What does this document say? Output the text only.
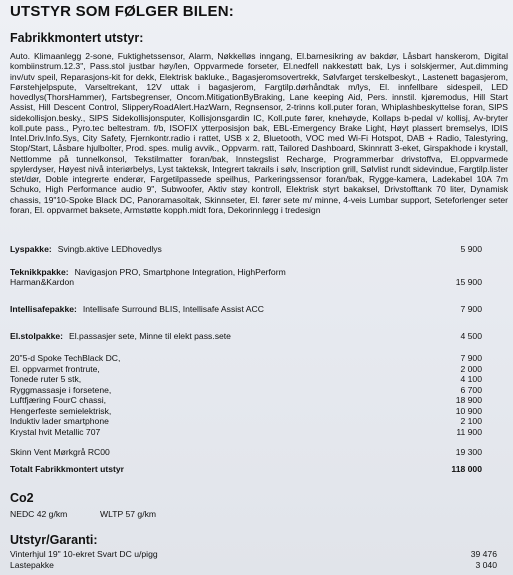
UTSTYR SOM FØLGER BILEN:
Fabrikkmontert utstyr:
Auto. Klimaanlegg 2-sone, Fuktighetssensor, Alarm, Nøkkelløs inngang, El.barnesikring av bakdør, Låsbart hanskerom, Digital kombiinstrum.12.3", Pass.stol justbar høy/len, Oppvarmede forseter, El.nedfell nakkestøtt bak, Lys i solskjermer, Aut.dimming inv/utv speil, Reparasjons-kit for dekk, Elektrisk bakluke., Bagasjeromsovertrekk, Sølvfarget terskelbeskyt., Lastenett bagasjerom, Førstehjelpspute, Varseltrekant, 12V uttak i bagasjerom, Fargtilp.dørhåndtak m/lys, El. innfellbare sidespeil, LED hovedlys(ThorsHammer), Fartsbegrenser, Oncom.MitigationByBraking, Lane keeping Aid, Pers. innstil. kjøremodus, Hill Start Assist, Hill Descent Control, SlipperyRoadAlert.HazWarn, Regnsensor, 2-trinns koll.puter foran, Whiplashbeskyttelse foran, SIPS sidekollisjon.besky., SIPS Sidekollisjonsputer, Kollisjonsgardin IC, Koll.pute fører, knehøyde, Kollaps b-pedal v/ kollisj, Av-bryter koll.pute pass., Pyro.tec beltestram. f/b, ISOFIX ytterposisjon bak, EBL-Emergency Brake Light, Høyt plassert bremselys, IDIS Intel.Driv.Info.Sys, City Safety, Fjernkontr.radio i rattet, USB x 2, Bluetooth, VOC med Wi-Fi Hotspot, DAB + Radio, Talestyring, Stop/Start, Låsbare hjulbolter, Prod. spes. mulig avvik., Oppvarm. ratt, Tailored Dashboard, Skinnratt 3-eket, Girspakhode i krystall, Nettlomme på tunnelkonsol, Tekstilmatter foran/bak, Innstegslist Recharge, Programmerbar drivstoffva, El.oppvarmede spylerdyser, Høyest nivå interiørbelys, Lyst takteksk, Integrert takrails i sølv, Inscription grill, Sølvlist rundt sidevindue, Fargtilp.lister stet/dør, Doble integrerte enderør, Fargetilpassede speilhus, Parkeringssensor foran/bak, Rygge-kamera, Ladekabel 10A 7m Schuko, High Performance audio 9", Subwoofer, Aktiv støy kontroll, Elektrisk styrt bakaksel, Drivstofftank 70 liter, Dynamisk chassis, 19"10-Spoke Black DC, Panoramasoltak, Skinnseter, El. fører sete m/ minne, 4-veis Lumbar support, Seteforlenger seter foran, El. oppvarmet baksete, Armstøtte kopph.midt fora, Dekorinnlegg i tredesign
Lyspakke: Svingb.aktive LEDhovedlys	5 900
Teknikkpakke: Navigasjon PRO, Smartphone Integration, HighPerform
Harman&Kardon	15 900
Intellisafepakke: Intellisafe Surround BLIS, Intellisafe Assist ACC	7 900
El.stolpakke: El.passasjer sete, Minne til elekt pass.sete	4 500
20"5-d Spoke TechBlack DC,	7 900
El. oppvarmet frontrute,	2 000
Tonede ruter 5 stk,	4 100
Ryggmassasje i forsetene,	6 700
Luftfjæring FourC chassi,	18 900
Hengerfeste semielektrisk,	10 900
Induktiv lader smartphone	2 100
Krystal hvit Metallic 707	11 900
Skinn Vent Mørkgrå RC00	19 300
Totalt Fabrikkmontert utstyr	118 000
Co2
NEDC 42 g/km	WLTP 57 g/km
Utstyr/Garanti:
Vinterhjul 19" 10-ekret Svart DC u/pigg	39 476
Lastepakke	3 040
